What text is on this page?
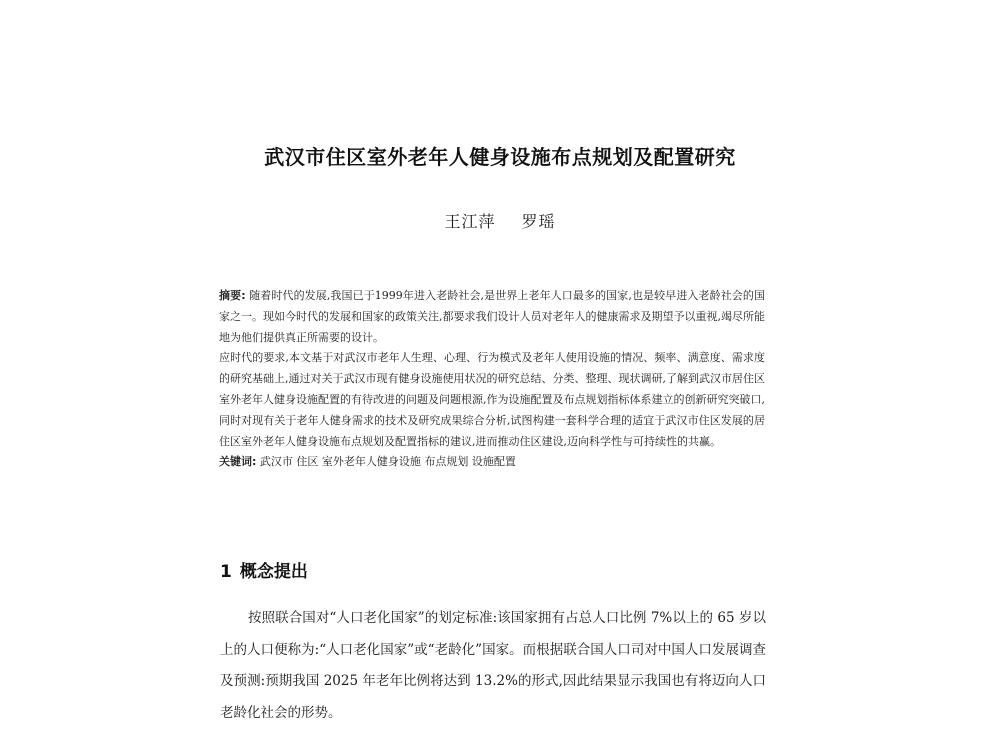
武汉市住区室外老年人健身设施布点规划及配置研究
王江萍 罗瑶

摘要: 随着时代的发展,我国已于1999年进入老龄社会,是世界上老年人口最多的国家,也是较早进入老龄社会的国家之一。现如今时代的发展和国家的政策关注,都要求我们设计人员对老年人的健康需求及期望予以重视,竭尽所能地为他们提供真正所需要的设计。

应时代的要求,本文基于对武汉市老年人生理、心理、行为模式及老年人使用设施的情况、频率、满意度、需求度的研究基础上,通过对关于武汉市现有健身设施使用状况的研究总结、分类、整理、现状调研,了解到武汉市居住区室外老年人健身设施配置的有待改进的问题及问题根源,作为设施配置及布点规划指标体系建立的创新研究突破口,同时对现有关于老年人健身需求的技术及研究成果综合分析,试图构建一套科学合理的适宜于武汉市住区发展的居住区室外老年人健身设施布点规划及配置指标的建议,进而推动住区建设,迈向科学性与可持续性的共赢。

关键词: 武汉市 住区 室外老年人健身设施 布点规划 设施配置

1 概念提出
按照联合国对“人口老化国家”的划定标准:该国家拥有占总人口比例 7%以上的 65 岁以上的人口便称为:“人口老化国家”或“老龄化”国家。而根据联合国人口司对中国人口发展调查及预测:预期我国 2025 年老年比例将达到 13.2%的形式,因此结果显示我国也有将迈向人口老龄化社会的形势。
